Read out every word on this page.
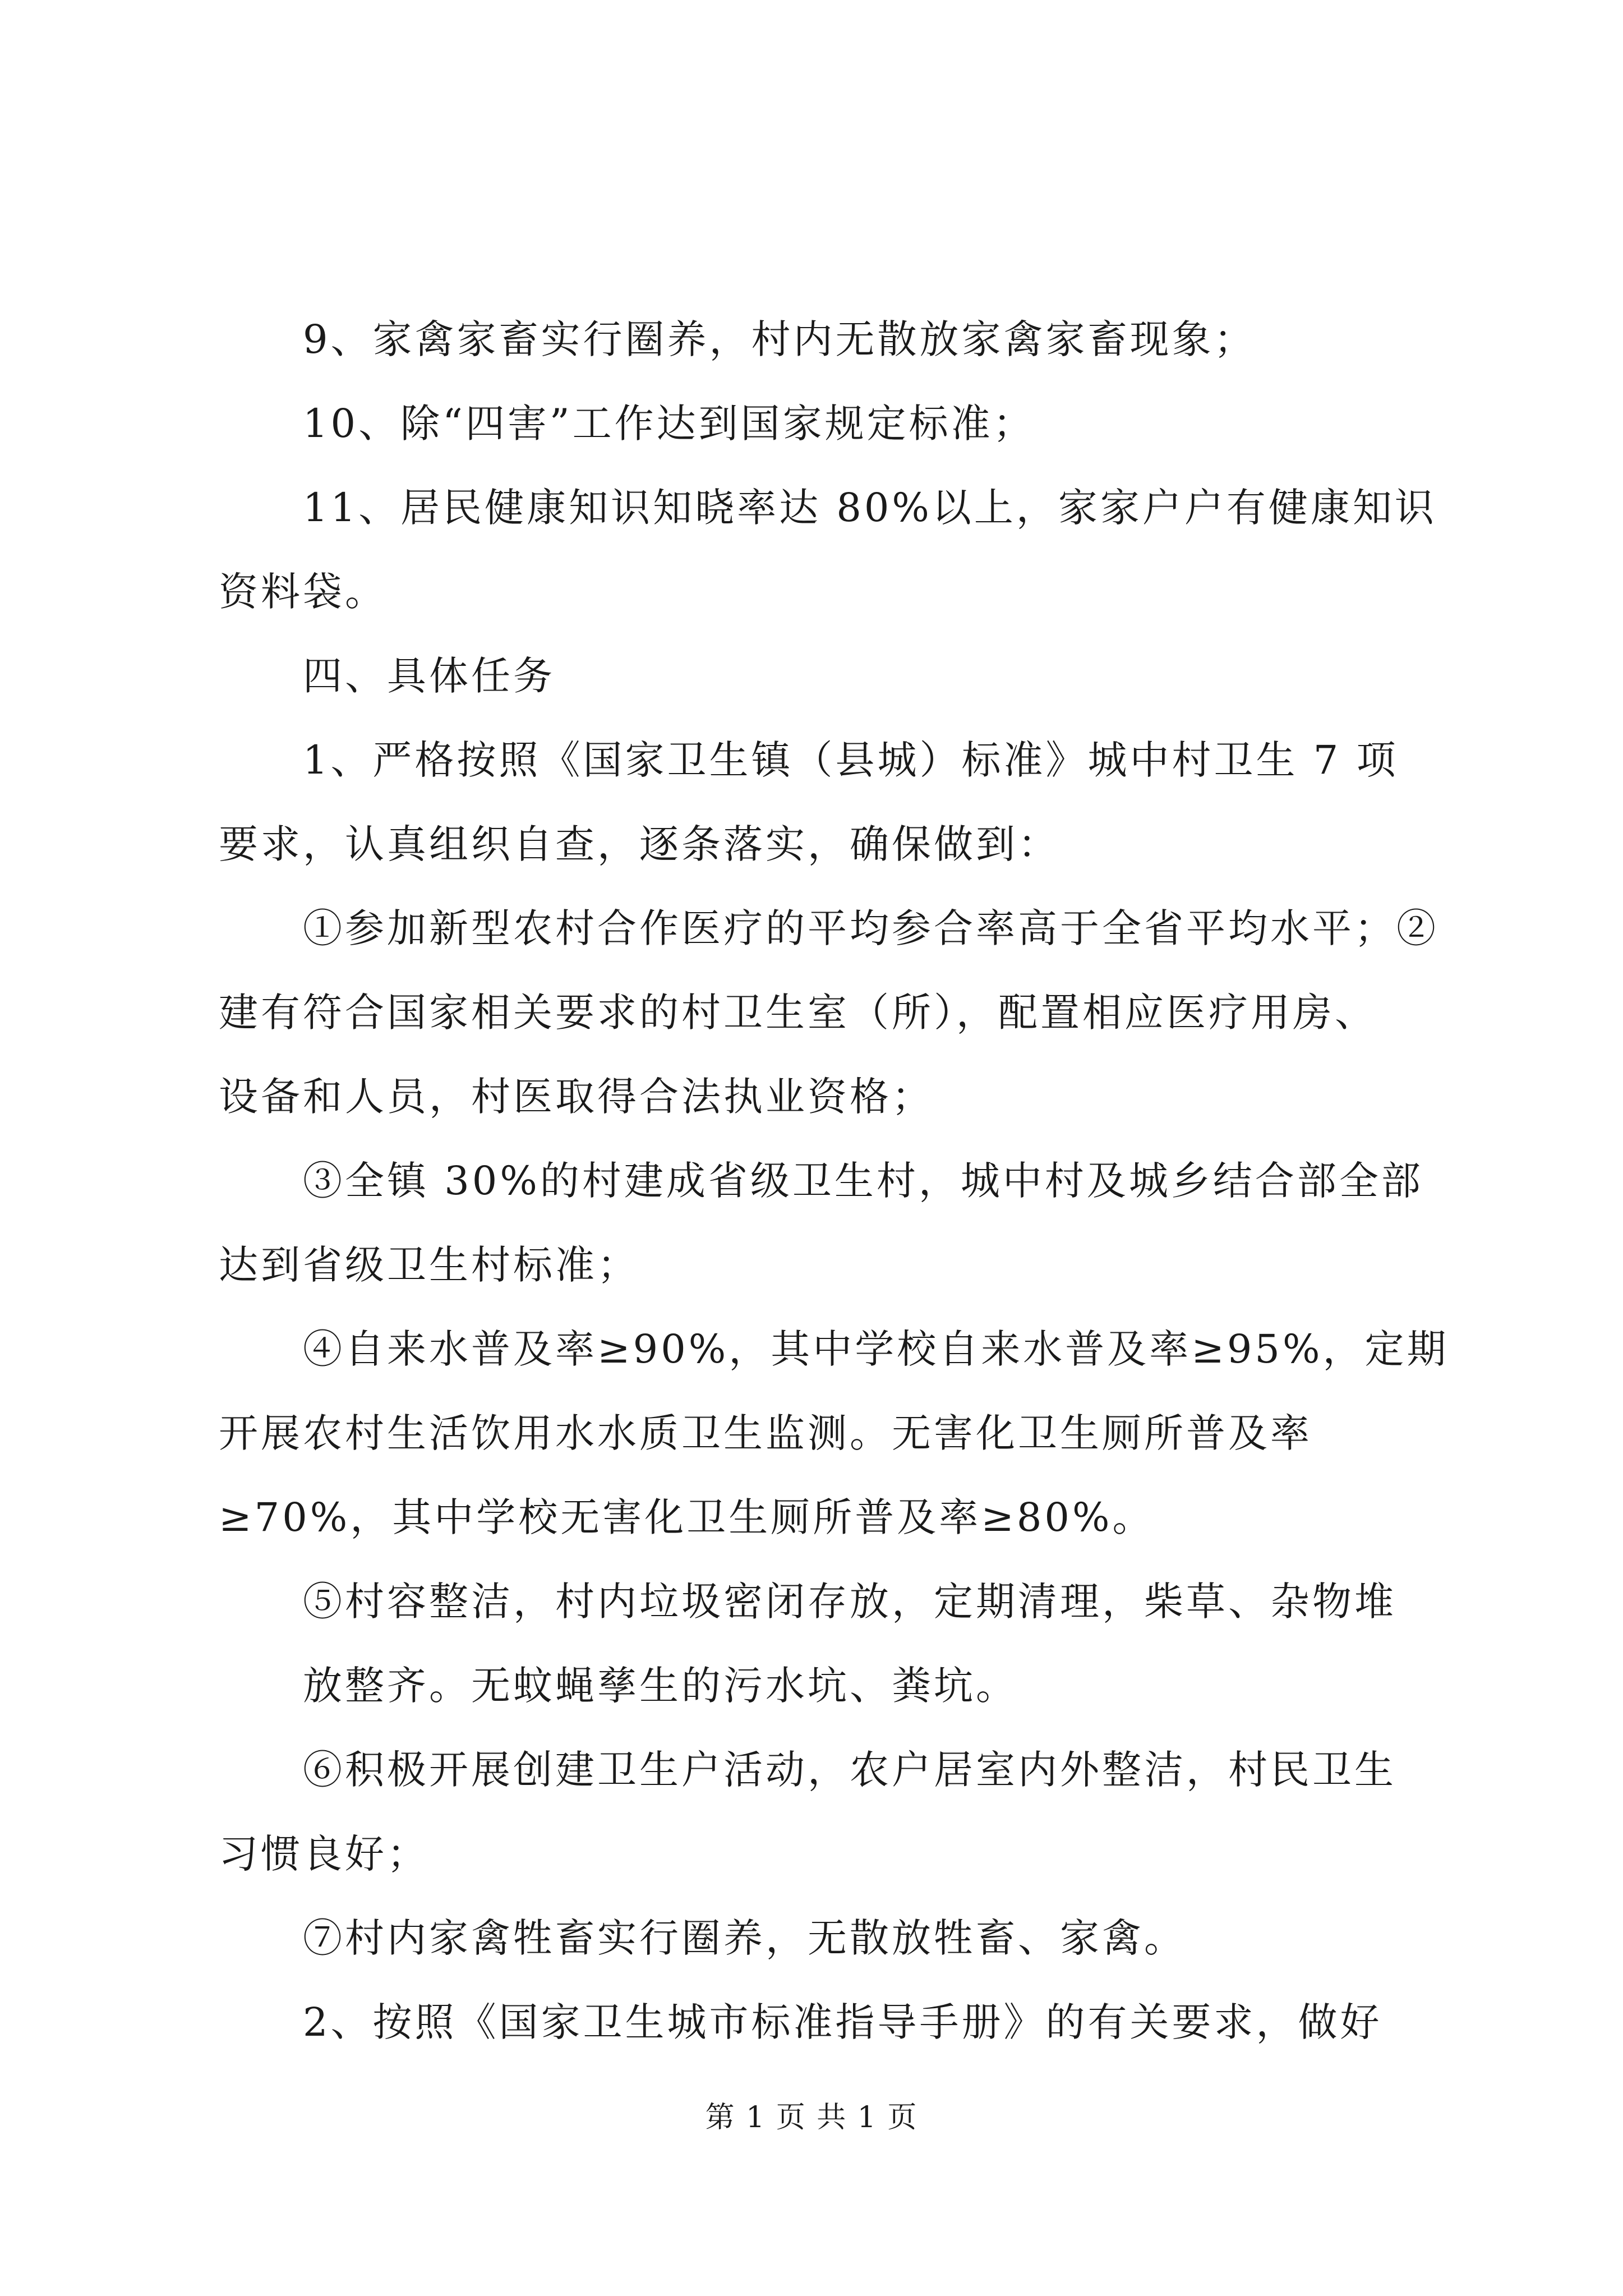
9、家禽家畜实行圈养，村内无散放家禽家畜现象；

10、除“四害”工作达到国家规定标准；

11、居民健康知识知晓率达 80%以上，家家户户有健康知识

资料袋。

四、具体任务

1、严格按照《国家卫生镇（县城）标准》城中村卫生 7 项

要求，认真组织自查，逐条落实，确保做到：

①参加新型农村合作医疗的平均参合率高于全省平均水平；②

建有符合国家相关要求的村卫生室（所），配置相应医疗用房、

设备和人员，村医取得合法执业资格；

③全镇 30%的村建成省级卫生村，城中村及城乡结合部全部

达到省级卫生村标准；

④自来水普及率≥90%，其中学校自来水普及率≥95%，定期

开展农村生活饮用水水质卫生监测。无害化卫生厕所普及率

≥70%，其中学校无害化卫生厕所普及率≥80%。

⑤村容整洁，村内垃圾密闭存放，定期清理，柴草、杂物堆

放整齐。无蚊蝇孳生的污水坑、粪坑。

⑥积极开展创建卫生户活动，农户居室内外整洁，村民卫生

习惯良好；

⑦村内家禽牲畜实行圈养，无散放牲畜、家禽。

2、按照《国家卫生城市标准指导手册》的有关要求，做好

第 1 页 共 1 页
